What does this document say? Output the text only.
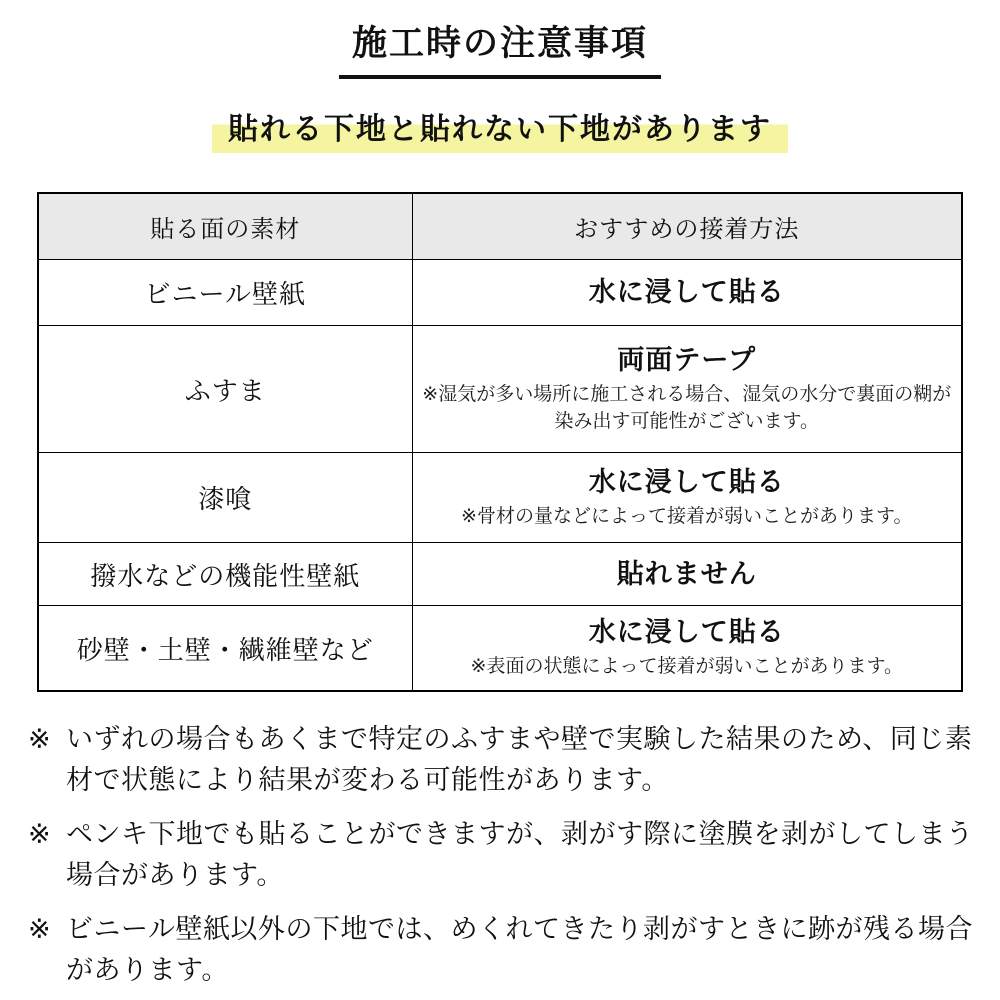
施工時の注意事項
貼れる下地と貼れない下地があります
貼る面の素材	おすすめの接着方法
ビニール壁紙	水に浸して貼る

ふすま	両面テープ
※湿気が多い場所に施工される場合、湿気の水分で裏面の糊が染み出す可能性がございます。

漆喰	水に浸して貼る
※骨材の量などによって接着が弱いことがあります。

撥水などの機能性壁紙	貼れません

砂壁・土壁・繊維壁など	水に浸して貼る
※表面の状態によって接着が弱いことがあります。
※ いずれの場合もあくまで特定のふすまや壁で実験した結果のため、同じ素材で状態により結果が変わる可能性があります。
※ ペンキ下地でも貼ることができますが、剥がす際に塗膜を剥がしてしまう場合があります。
※ ビニール壁紙以外の下地では、めくれてきたり剥がすときに跡が残る場合があります。
